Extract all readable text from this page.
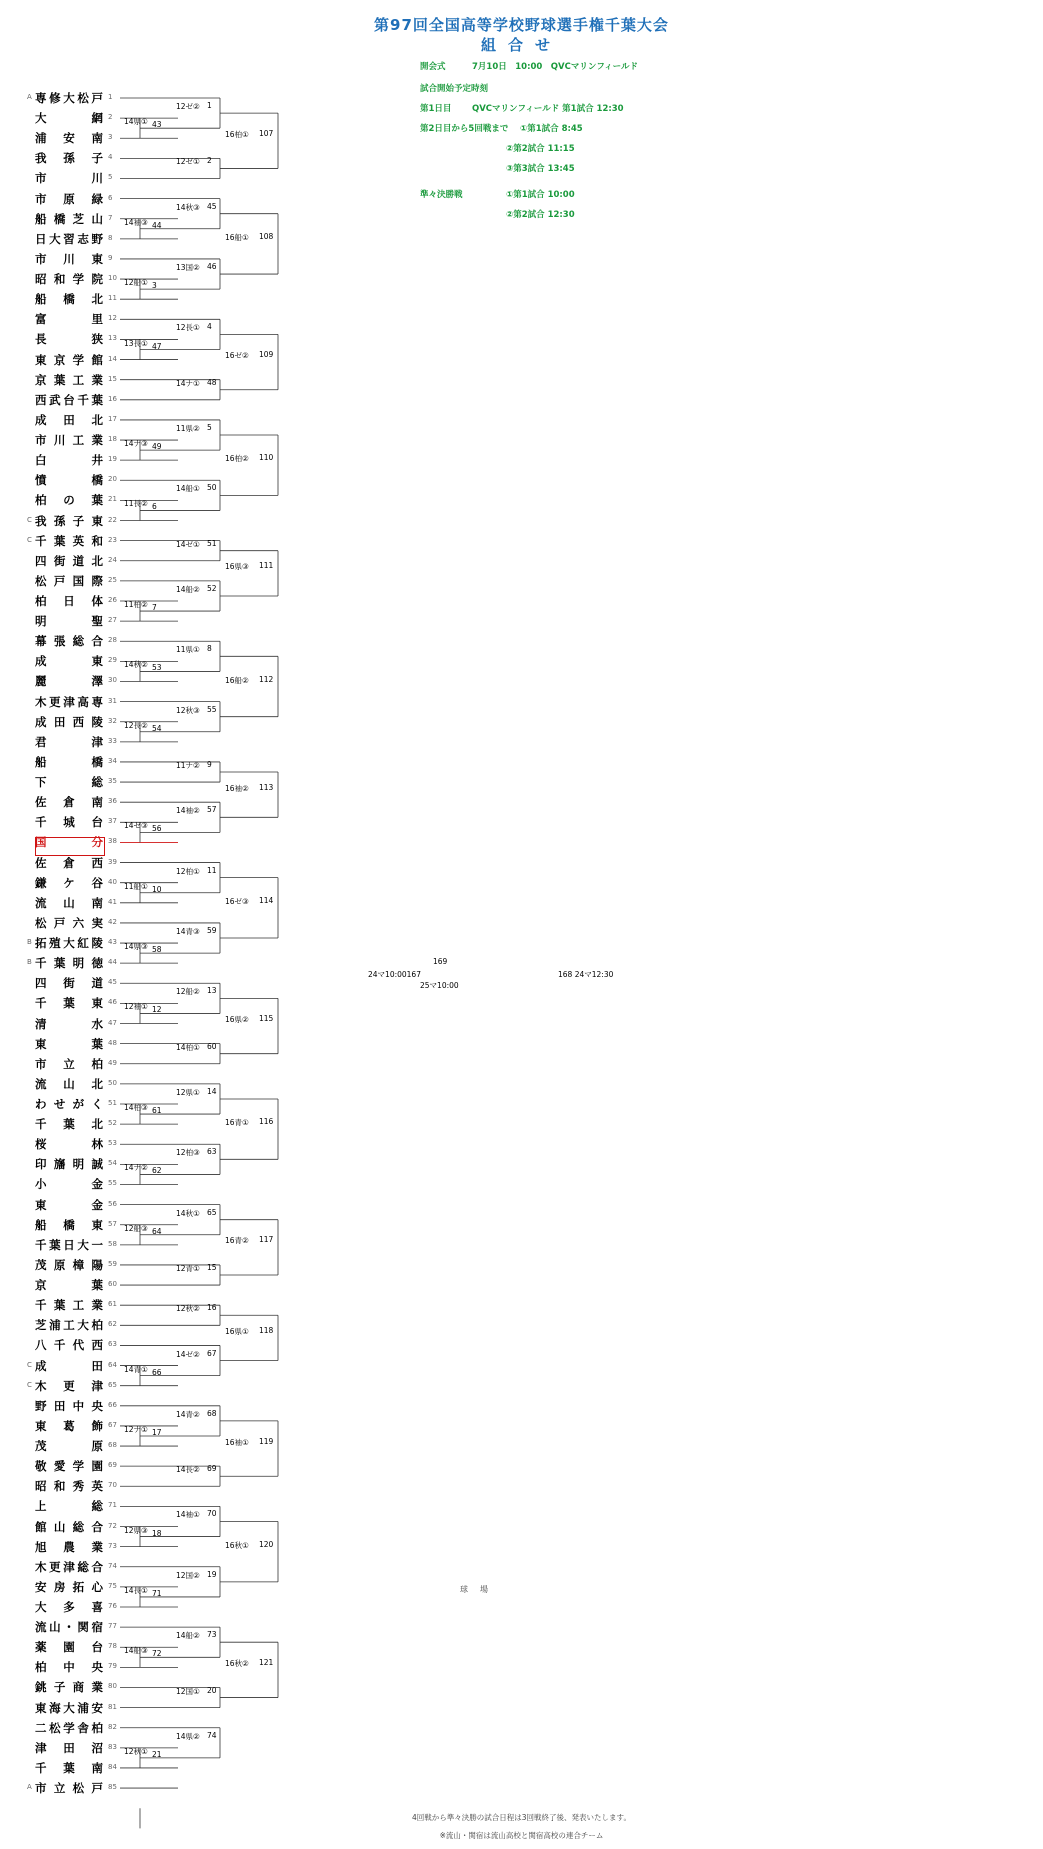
第97回全国高等学校野球選手権千葉大会
組合せ
開会式	7月10日　10:00　QVCマリンフィールド
試合開始予定時刻
第1日目 QVCマリンフィールド 第1試合 12:30
第2日目から5回戦まで ①第1試合 8:45
②第2試合 11:15
③第3試合 13:45
準々決勝戦	①第1試合 10:00
②第2試合 12:30
専修大松戸 1
大　網 2
浦　安　南 3
我　孫　子 4
市　川 5
市　原　緑 6
船橋芝山 7
日大習志野 8
市　川　東 9
昭和学院 10
船　橋　北 11
富　里 12
長　狭 13
東京学館 14
京葉工業 15
西武台千葉 16
成　田　北 17
市川工業 18
白　井 19
憤　橋 20
柏　の　葉 21
我孫子東 22
千葉英和 23
四街道北 24
松戸国際 25
柏　日　体 26
明　聖 27
幕張総合 28
成　東 29
麗　澤 30
木更津高専 31
成田西陵 32
君　津 33
船　橋 34
下　総 35
佐　倉　南 36
千　城　台 37
国　分 38
佐　倉　西 39
鎌　ケ　谷 40
流　山　南 41
松戸六実 42
拓殖大紅陵 43
千葉明徳 44
四　街　道 45
千　葉　東 46
清　水 47
東　葉 48
市　立　柏 49
流　山　北 50
わせがく 51
千　葉　北 52
桜　林 53
印旛明誠 54
小　金 55
東　金 56
船　橋　東 57
千葉日大一 58
茂原樟陽 59
京　葉 60
千葉工業 61
芝浦工大柏 62
八千代西 63
成　田 64
木　更　津 65
野田中央 66
東　葛　飾 67
茂　原 68
敬愛学園 69
昭和秀英 70
上　総 71
館山総合 72
旭　農　業 73
木更津総合 74
安房拓心 75
大　多　喜 76
流山・関宿 77
薬　園　台 78
柏　中　央 79
銚子商業 80
東海大浦安 81
二松学舎柏 82
津　田　沼 83
千　葉　南 84
市立松戸 85
A
A
C
C
B
B
C
C
14県① 43
12ゼ② 1
12ゼ① 2
16柏① 107
14袖③ 44
14秋③ 45
12船① 3
13国② 46
16船① 108
13長① 47
12長① 4
14ナ① 48
16ゼ② 109
14ナ③ 49
11県② 5
11長② 6
14船① 50
16柏② 110
14ゼ① 51
11柏② 7
14船② 52
16県③ 111
14秋② 53
11県① 8
12長② 54
12秋③ 55
16船② 112
11ナ② 9
14ゼ③ 56
14袖② 57
16袖② 113
11船① 10
12柏① 11
14県③ 58
14青③ 59
16ゼ③ 114
12袖① 12
12船② 13
14柏① 60
16県② 115
14柏③ 61
12県① 14
14ナ② 62
12柏③ 63
16青① 116
12船③ 64
14秋① 65
12青① 15
16青② 117
12秋② 16
14青① 66
14ゼ② 67
16県① 118
12ナ① 17
14青② 68
14長② 69
16袖① 119
12県③ 18
14袖① 70
14長① 71
12国② 19
16秋① 120
14船③ 72
14船② 73
12国① 20
16秋② 121
12秋① 21
14県② 74
169
25マ10:00
24マ10:00167	168 24マ12:30
球場
4回戦から準々決勝の試合日程は3回戦終了後、発表いたします。
※流山・関宿は流山高校と関宿高校の連合チーム
